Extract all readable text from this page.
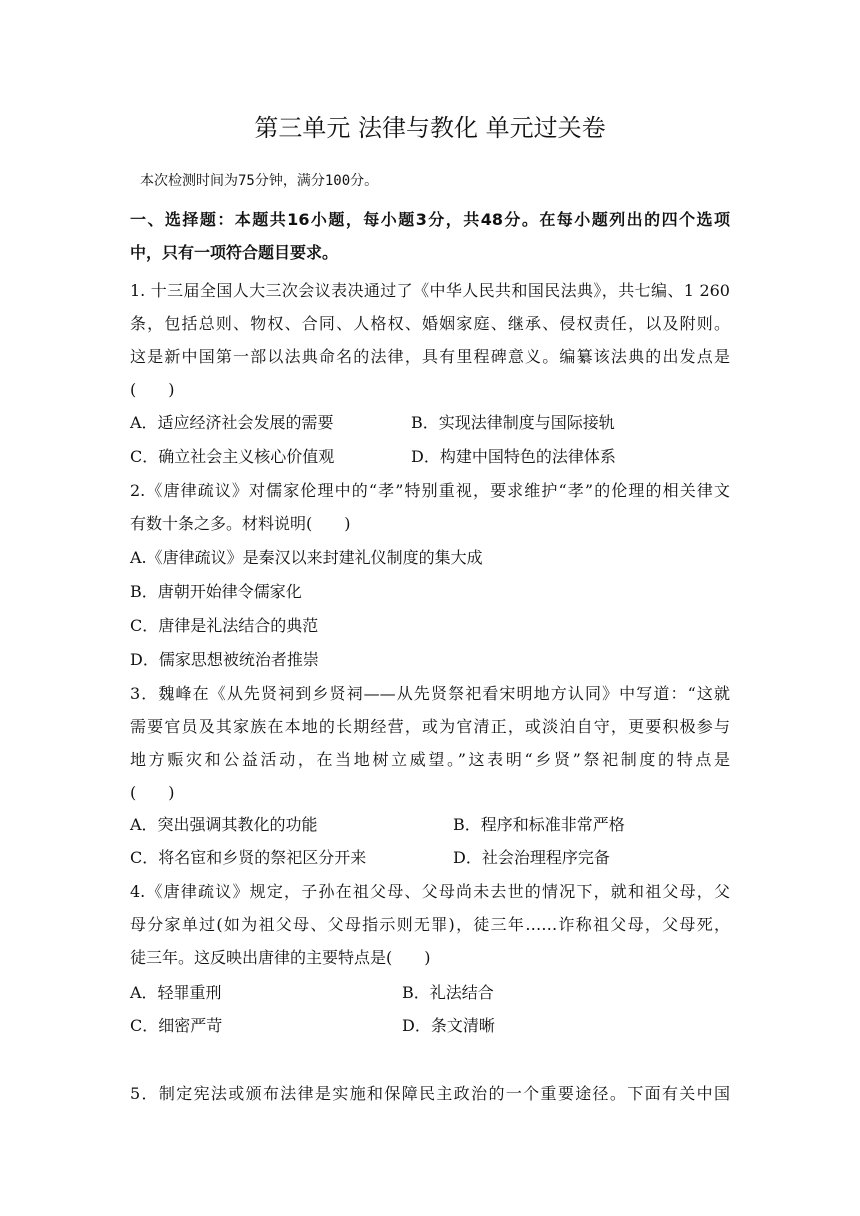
第三单元 法律与教化 单元过关卷
本次检测时间为75分钟，满分100分。
一、选择题：本题共16小题，每小题3分，共48分。在每小题列出的四个选项
中，只有一项符合题目要求。
1. 十三届全国人大三次会议表决通过了《中华人民共和国民法典》，共七编、1 260
条，包括总则、物权、合同、人格权、婚姻家庭、继承、侵权责任，以及附则。
这是新中国第一部以法典命名的法律，具有里程碑意义。编纂该法典的出发点是
(　　)
A．适应经济社会发展的需要	B．实现法律制度与国际接轨
C．确立社会主义核心价值观	D．构建中国特色的法律体系
2.《唐律疏议》对儒家伦理中的“孝”特别重视，要求维护“孝”的伦理的相关律文
有数十条之多。材料说明(　　)
A.《唐律疏议》是秦汉以来封建礼仪制度的集大成
B．唐朝开始律令儒家化
C．唐律是礼法结合的典范
D．儒家思想被统治者推崇
3．魏峰在《从先贤祠到乡贤祠——从先贤祭祀看宋明地方认同》中写道：“这就
需要官员及其家族在本地的长期经营，或为官清正，或淡泊自守，更要积极参与
地方赈灾和公益活动，在当地树立威望。”这表明“乡贤”祭祀制度的特点是
(　　)
A．突出强调其教化的功能	B．程序和标准非常严格
C．将名宦和乡贤的祭祀区分开来	D．社会治理程序完备
4.《唐律疏议》规定，子孙在祖父母、父母尚未去世的情况下，就和祖父母，父
母分家单过(如为祖父母、父母指示则无罪)，徒三年……诈称祖父母，父母死，
徒三年。这反映出唐律的主要特点是(　　)
A．轻罪重刑	B．礼法结合
C．细密严苛	D．条文清晰
5．制定宪法或颁布法律是实施和保障民主政治的一个重要途径。下面有关中国
